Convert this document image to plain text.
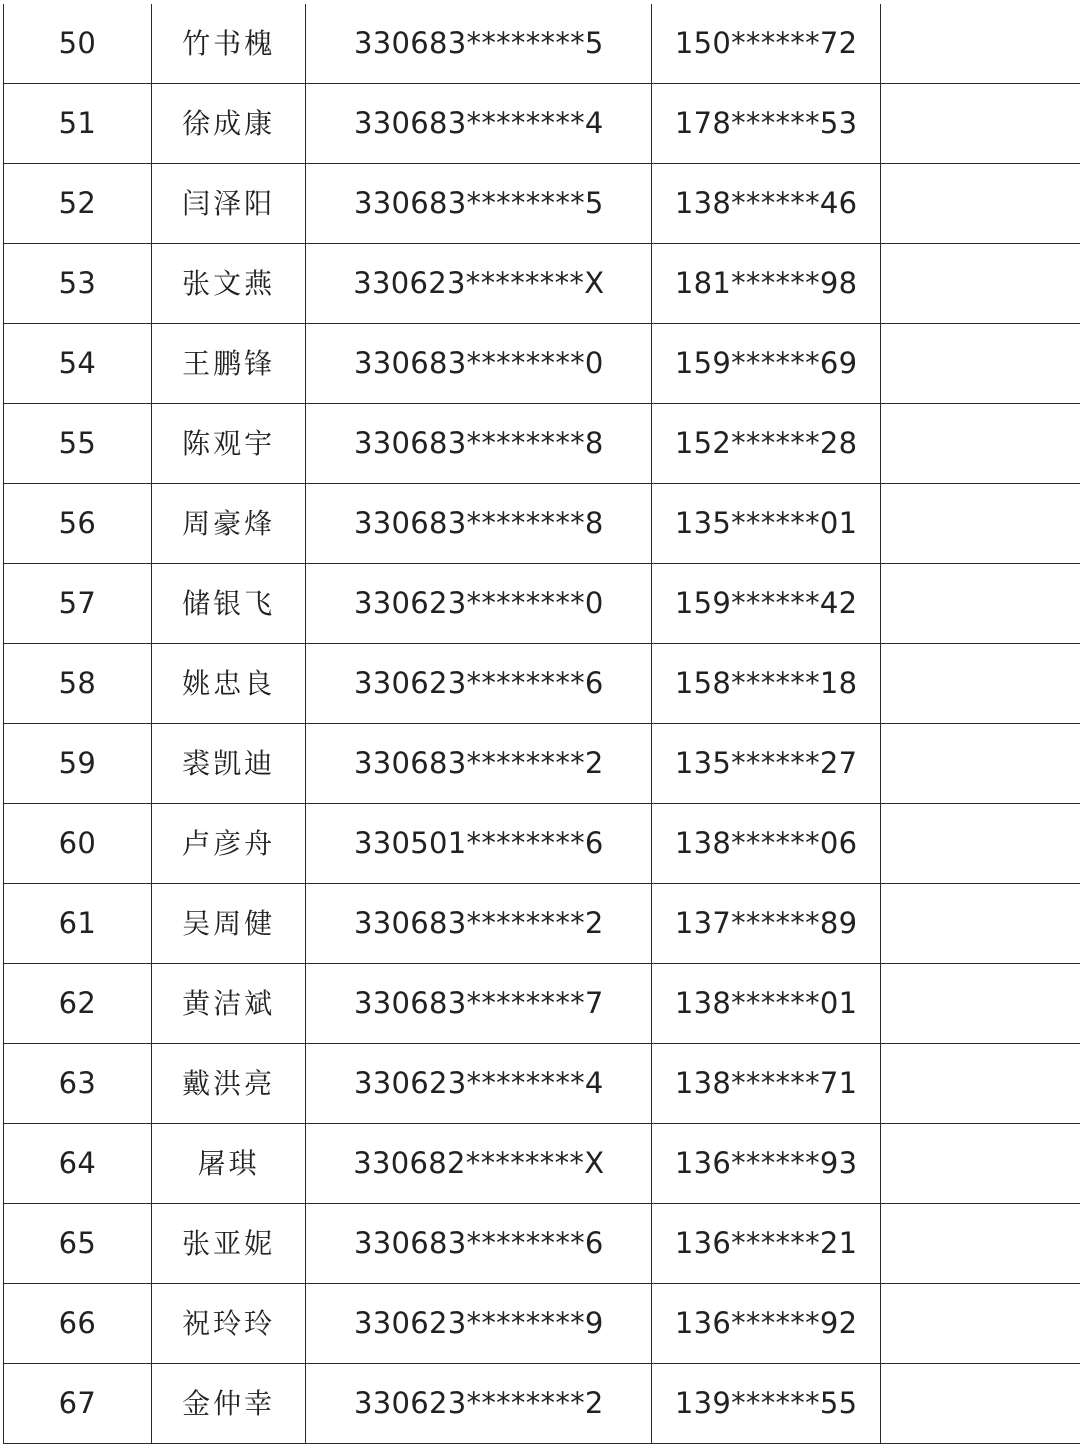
50	竹书槐	330683********5	150******72	
51	徐成康	330683********4	178******53	
52	闫泽阳	330683********5	138******46	
53	张文燕	330623********X	181******98	
54	王鹏锋	330683********0	159******69	
55	陈观宇	330683********8	152******28	
56	周豪烽	330683********8	135******01	
57	储银飞	330623********0	159******42	
58	姚忠良	330623********6	158******18	
59	裘凯迪	330683********2	135******27	
60	卢彦舟	330501********6	138******06	
61	吴周健	330683********2	137******89	
62	黄洁斌	330683********7	138******01	
63	戴洪亮	330623********4	138******71	
64	屠琪	330682********X	136******93	
65	张亚妮	330683********6	136******21	
66	祝玲玲	330623********9	136******92	
67	金仲幸	330623********2	139******55	
